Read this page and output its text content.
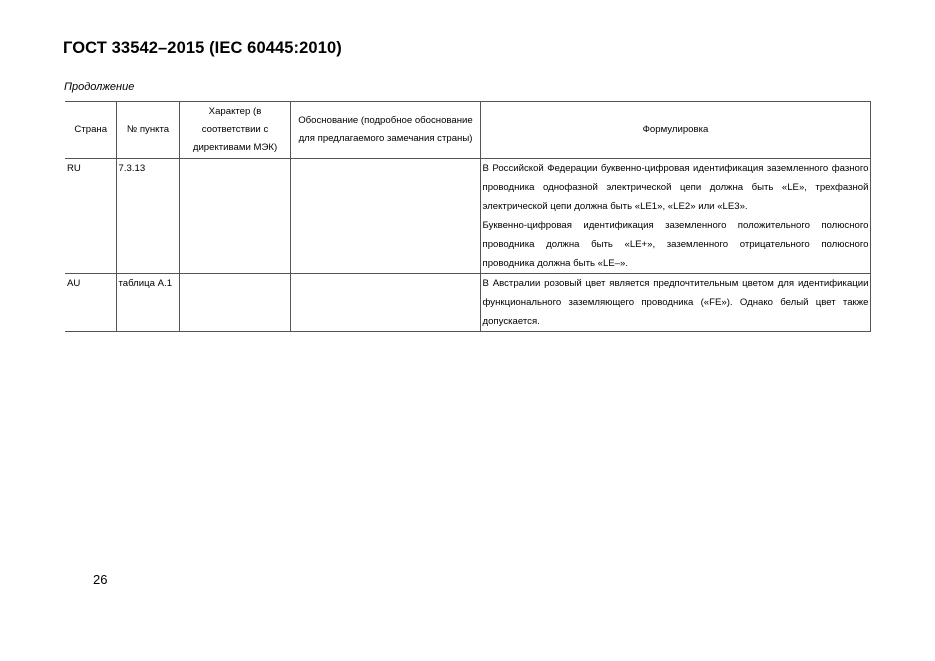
ГОСТ 33542–2015 (IEC 60445:2010)
Продолжение
Страна	№ пункта	Характер (в соответствии с директивами МЭК)	Обоснование (подробное обоснование для предлагаемого замечания страны)	Формулировка
RU	7.3.13			В Российской Федерации буквенно-цифровая идентификация заземленного фазного проводника однофазной электрической цепи должна быть «LE», трехфазной электрической цепи должна быть «LE1», «LE2» или «LE3».

Буквенно-цифровая идентификация заземленного положительного полюсного проводника должна быть «LE+», заземленного отрицательного полюсного проводника должна быть «LE–».

AU	таблица А.1			В Австралии розовый цвет является предпочтительным цветом для идентификации функционального заземляющего проводника («FE»). Однако белый цвет также допускается.

26
